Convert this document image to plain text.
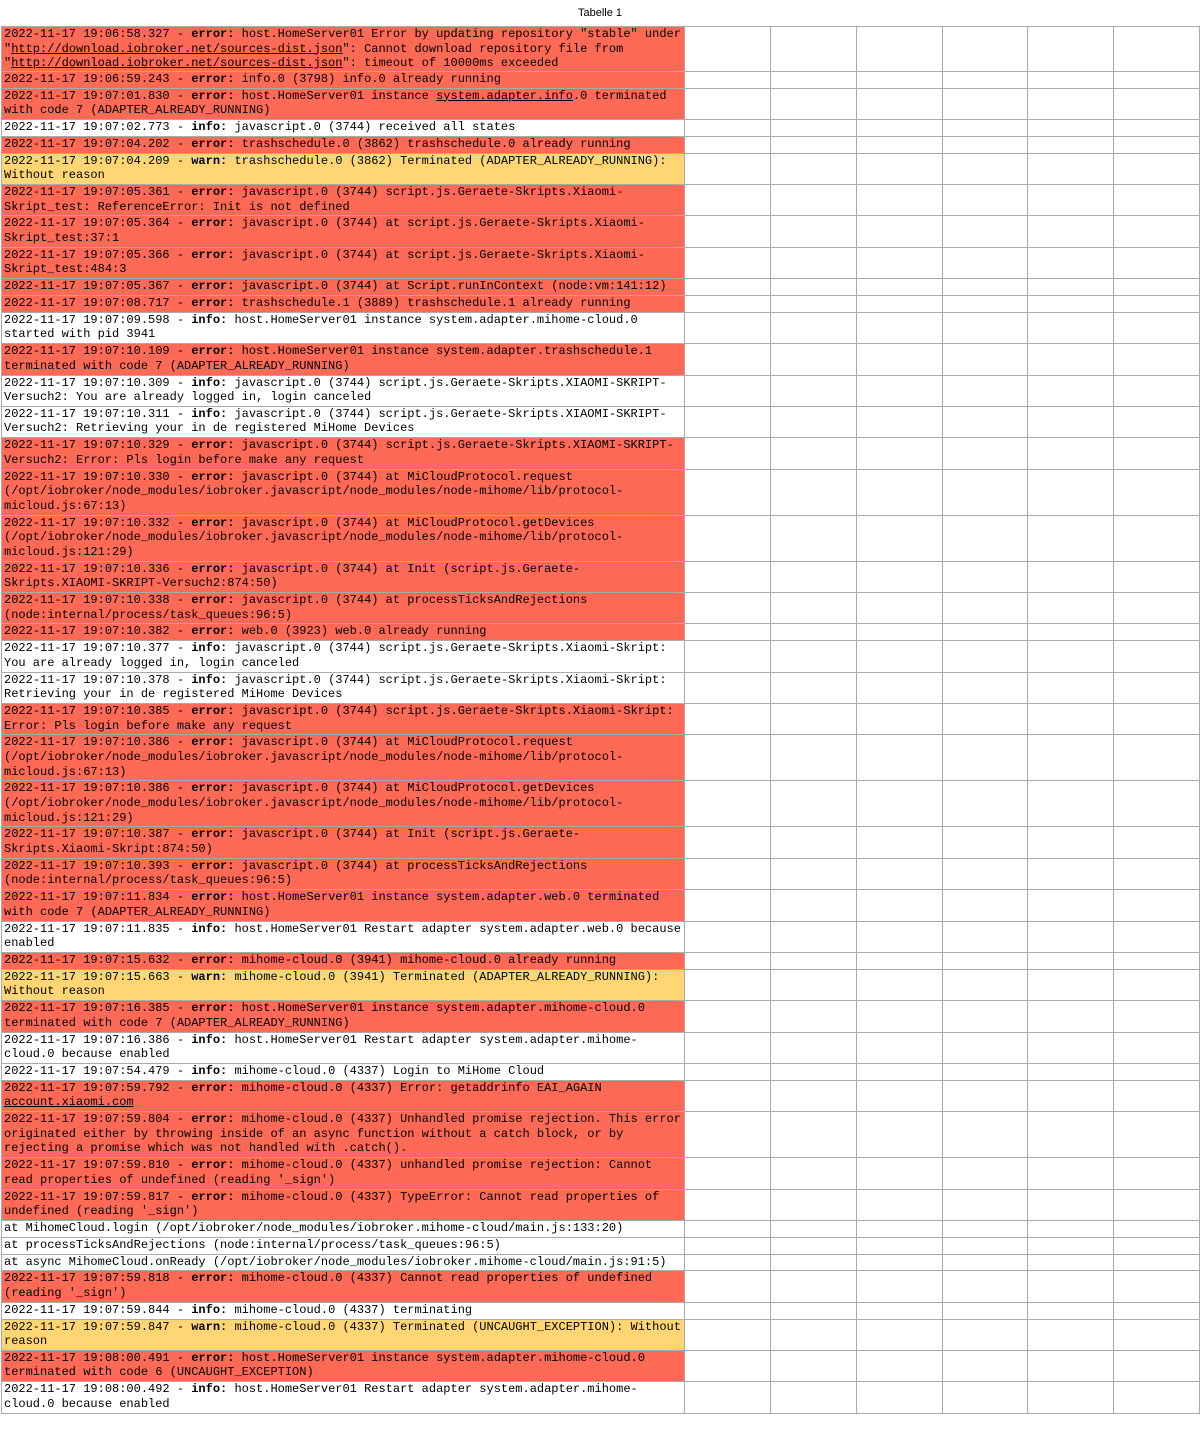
Tabelle 1
2022-11-17 19:06:58.327 - error: host.HomeServer01 Error by updating repository "stable" under "http://download.iobroker.net/sources-dist.json": Cannot download repository file from "http://download.iobroker.net/sources-dist.json": timeout of 10000ms exceeded						
2022-11-17 19:06:59.243 - error: info.0 (3798) info.0 already running						
2022-11-17 19:07:01.830 - error: host.HomeServer01 instance system.adapter.info.0 terminated with code 7 (ADAPTER_ALREADY_RUNNING)						
2022-11-17 19:07:02.773 - info: javascript.0 (3744) received all states						
2022-11-17 19:07:04.202 - error: trashschedule.0 (3862) trashschedule.0 already running						
2022-11-17 19:07:04.209 - warn: trashschedule.0 (3862) Terminated (ADAPTER_ALREADY_RUNNING): Without reason						
2022-11-17 19:07:05.361 - error: javascript.0 (3744) script.js.Geraete-Skripts.Xiaomi-Skript_test: ReferenceError: Init is not defined						
2022-11-17 19:07:05.364 - error: javascript.0 (3744) at script.js.Geraete-Skripts.Xiaomi-Skript_test:37:1						
2022-11-17 19:07:05.366 - error: javascript.0 (3744) at script.js.Geraete-Skripts.Xiaomi-Skript_test:484:3						
2022-11-17 19:07:05.367 - error: javascript.0 (3744) at Script.runInContext (node:vm:141:12)						
2022-11-17 19:07:08.717 - error: trashschedule.1 (3889) trashschedule.1 already running						
2022-11-17 19:07:09.598 - info: host.HomeServer01 instance system.adapter.mihome-cloud.0 started with pid 3941						
2022-11-17 19:07:10.109 - error: host.HomeServer01 instance system.adapter.trashschedule.1 terminated with code 7 (ADAPTER_ALREADY_RUNNING)						
2022-11-17 19:07:10.309 - info: javascript.0 (3744) script.js.Geraete-Skripts.XIAOMI-SKRIPT-Versuch2: You are already logged in, login canceled						
2022-11-17 19:07:10.311 - info: javascript.0 (3744) script.js.Geraete-Skripts.XIAOMI-SKRIPT-Versuch2: Retrieving your in de registered MiHome Devices						
2022-11-17 19:07:10.329 - error: javascript.0 (3744) script.js.Geraete-Skripts.XIAOMI-SKRIPT-Versuch2: Error: Pls login before make any request						
2022-11-17 19:07:10.330 - error: javascript.0 (3744) at MiCloudProtocol.request (/opt/iobroker/node_modules/iobroker.javascript/node_modules/node-mihome/lib/protocol-micloud.js:67:13)						
2022-11-17 19:07:10.332 - error: javascript.0 (3744) at MiCloudProtocol.getDevices (/opt/iobroker/node_modules/iobroker.javascript/node_modules/node-mihome/lib/protocol-micloud.js:121:29)						
2022-11-17 19:07:10.336 - error: javascript.0 (3744) at Init (script.js.Geraete-Skripts.XIAOMI-SKRIPT-Versuch2:874:50)						
2022-11-17 19:07:10.338 - error: javascript.0 (3744) at processTicksAndRejections (node:internal/process/task_queues:96:5)						
2022-11-17 19:07:10.382 - error: web.0 (3923) web.0 already running						
2022-11-17 19:07:10.377 - info: javascript.0 (3744) script.js.Geraete-Skripts.Xiaomi-Skript: You are already logged in, login canceled						
2022-11-17 19:07:10.378 - info: javascript.0 (3744) script.js.Geraete-Skripts.Xiaomi-Skript: Retrieving your in de registered MiHome Devices						
2022-11-17 19:07:10.385 - error: javascript.0 (3744) script.js.Geraete-Skripts.Xiaomi-Skript: Error: Pls login before make any request						
2022-11-17 19:07:10.386 - error: javascript.0 (3744) at MiCloudProtocol.request (/opt/iobroker/node_modules/iobroker.javascript/node_modules/node-mihome/lib/protocol-micloud.js:67:13)						
2022-11-17 19:07:10.386 - error: javascript.0 (3744) at MiCloudProtocol.getDevices (/opt/iobroker/node_modules/iobroker.javascript/node_modules/node-mihome/lib/protocol-micloud.js:121:29)						
2022-11-17 19:07:10.387 - error: javascript.0 (3744) at Init (script.js.Geraete-Skripts.Xiaomi-Skript:874:50)						
2022-11-17 19:07:10.393 - error: javascript.0 (3744) at processTicksAndRejections (node:internal/process/task_queues:96:5)						
2022-11-17 19:07:11.834 - error: host.HomeServer01 instance system.adapter.web.0 terminated with code 7 (ADAPTER_ALREADY_RUNNING)						
2022-11-17 19:07:11.835 - info: host.HomeServer01 Restart adapter system.adapter.web.0 because enabled						
2022-11-17 19:07:15.632 - error: mihome-cloud.0 (3941) mihome-cloud.0 already running						
2022-11-17 19:07:15.663 - warn: mihome-cloud.0 (3941) Terminated (ADAPTER_ALREADY_RUNNING): Without reason						
2022-11-17 19:07:16.385 - error: host.HomeServer01 instance system.adapter.mihome-cloud.0 terminated with code 7 (ADAPTER_ALREADY_RUNNING)						
2022-11-17 19:07:16.386 - info: host.HomeServer01 Restart adapter system.adapter.mihome-cloud.0 because enabled						
2022-11-17 19:07:54.479 - info: mihome-cloud.0 (4337) Login to MiHome Cloud						
2022-11-17 19:07:59.792 - error: mihome-cloud.0 (4337) Error: getaddrinfo EAI_AGAIN account.xiaomi.com						
2022-11-17 19:07:59.804 - error: mihome-cloud.0 (4337) Unhandled promise rejection. This error originated either by throwing inside of an async function without a catch block, or by rejecting a promise which was not handled with .catch().						
2022-11-17 19:07:59.810 - error: mihome-cloud.0 (4337) unhandled promise rejection: Cannot read properties of undefined (reading '_sign')						
2022-11-17 19:07:59.817 - error: mihome-cloud.0 (4337) TypeError: Cannot read properties of undefined (reading '_sign')						
at MihomeCloud.login (/opt/iobroker/node_modules/iobroker.mihome-cloud/main.js:133:20)						
at processTicksAndRejections (node:internal/process/task_queues:96:5)						
at async MihomeCloud.onReady (/opt/iobroker/node_modules/iobroker.mihome-cloud/main.js:91:5)						
2022-11-17 19:07:59.818 - error: mihome-cloud.0 (4337) Cannot read properties of undefined (reading '_sign')						
2022-11-17 19:07:59.844 - info: mihome-cloud.0 (4337) terminating						
2022-11-17 19:07:59.847 - warn: mihome-cloud.0 (4337) Terminated (UNCAUGHT_EXCEPTION): Without reason						
2022-11-17 19:08:00.491 - error: host.HomeServer01 instance system.adapter.mihome-cloud.0 terminated with code 6 (UNCAUGHT_EXCEPTION)						
2022-11-17 19:08:00.492 - info: host.HomeServer01 Restart adapter system.adapter.mihome-cloud.0 because enabled						
